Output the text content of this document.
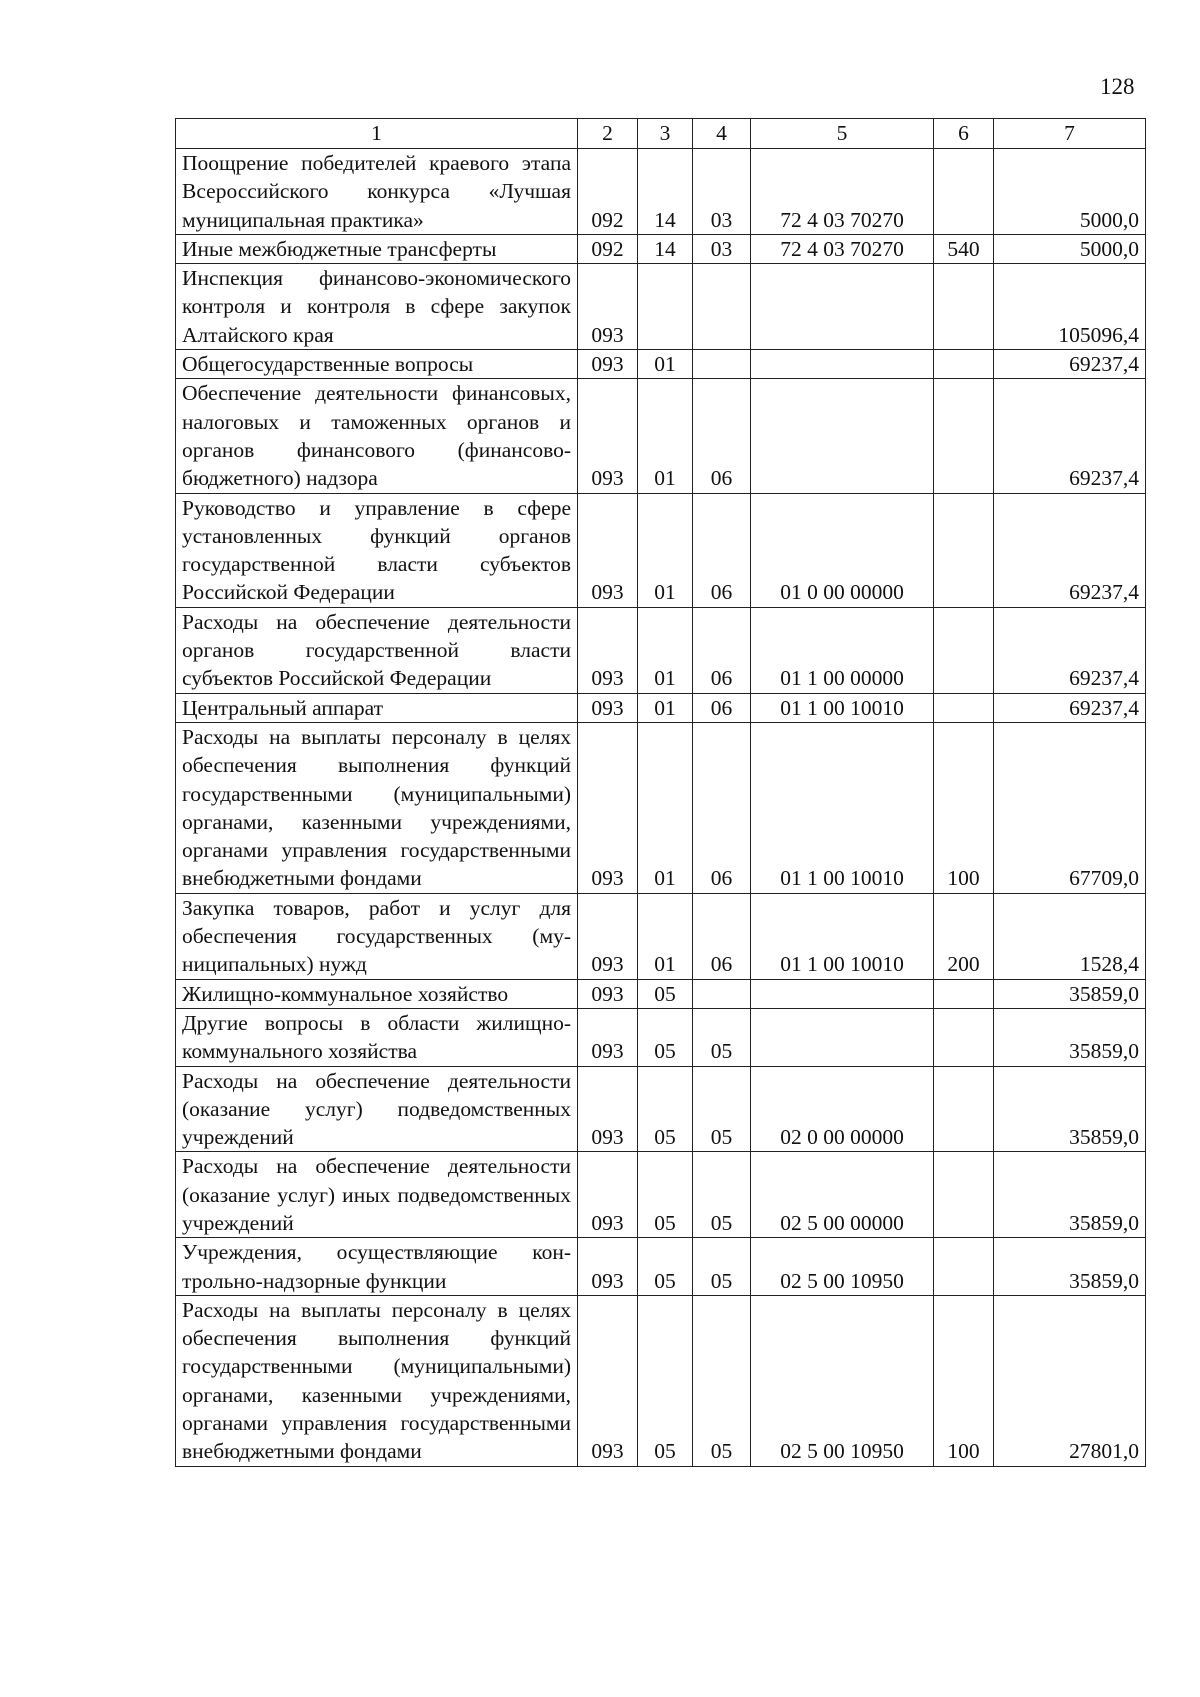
128
1	2	3	4	5	6	7
Поощрение победителей краевого этапа Всероссийского конкурса «Лучшая муниципальная практика»	092	14	03	72 4 03 70270		5000,0
Иные межбюджетные трансферты	092	14	03	72 4 03 70270	540	5000,0
Инспекция финансово-экономического контроля и контроля в сфере закупок Алтайского края	093					105096,4
Общегосударственные вопросы	093	01				69237,4
Обеспечение деятельности финансовых, налоговых и таможенных органов и органов финансового (финансово-бюджетного) надзора	093	01	06			69237,4
Руководство и управление в сфере установленных функций органов государственной власти субъектов Российской Федерации	093	01	06	01 0 00 00000		69237,4
Расходы на обеспечение деятельности органов государственной власти субъектов Российской Федерации	093	01	06	01 1 00 00000		69237,4
Центральный аппарат	093	01	06	01 1 00 10010		69237,4
Расходы на выплаты персоналу в целях обеспечения выполнения функций государственными (муниципальными) органами, казенными учреждениями, органами управления государственными внебюджетными фондами	093	01	06	01 1 00 10010	100	67709,0
Закупка товаров, работ и услуг для обеспечения государственных (муниципальных) нужд	093	01	06	01 1 00 10010	200	1528,4
Жилищно-коммунальное хозяйство	093	05				35859,0
Другие вопросы в области жилищно-коммунального хозяйства	093	05	05			35859,0
Расходы на обеспечение деятельности (оказание услуг) подведомственных учреждений	093	05	05	02 0 00 00000		35859,0
Расходы на обеспечение деятельности (оказание услуг) иных подведомственных учреждений	093	05	05	02 5 00 00000		35859,0
Учреждения, осуществляющие контрольно-надзорные функции	093	05	05	02 5 00 10950		35859,0
Расходы на выплаты персоналу в целях обеспечения выполнения функций государственными (муниципальными) органами, казенными учреждениями, органами управления государственными внебюджетными фондами	093	05	05	02 5 00 10950	100	27801,0
